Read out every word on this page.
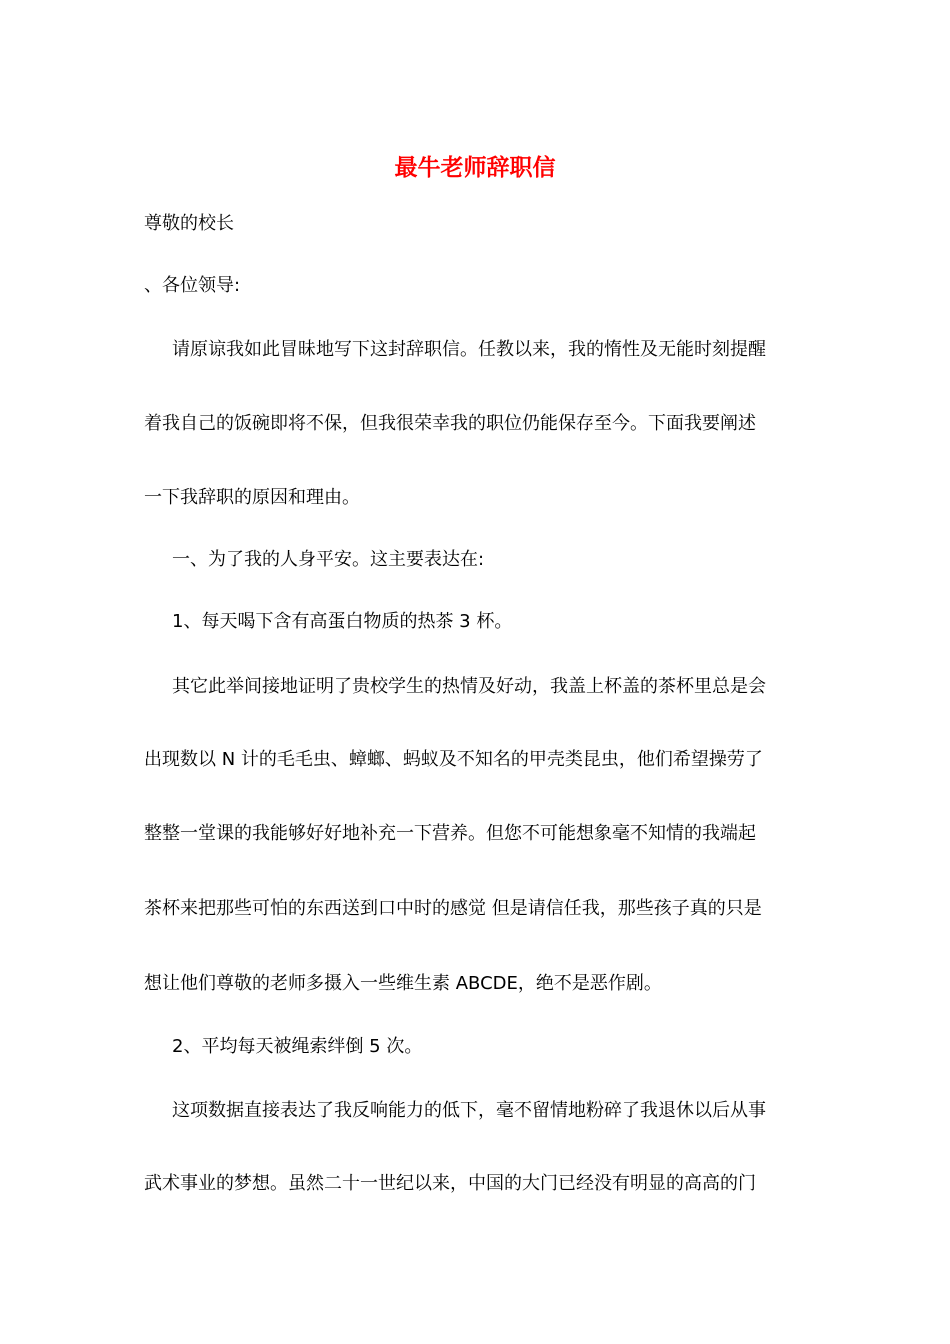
最牛老师辞职信
尊敬的校长
、各位领导:
请原谅我如此冒昧地写下这封辞职信。任教以来，我的惰性及无能时刻提醒
着我自己的饭碗即将不保，但我很荣幸我的职位仍能保存至今。下面我要阐述
一下我辞职的原因和理由。
一、为了我的人身平安。这主要表达在:
1、每天喝下含有高蛋白物质的热茶 3 杯。
其它此举间接地证明了贵校学生的热情及好动，我盖上杯盖的茶杯里总是会
出现数以 N 计的毛毛虫、蟑螂、蚂蚁及不知名的甲壳类昆虫，他们希望操劳了
整整一堂课的我能够好好地补充一下营养。但您不可能想象毫不知情的我端起
茶杯来把那些可怕的东西送到口中时的感觉 但是请信任我，那些孩子真的只是
想让他们尊敬的老师多摄入一些维生素 ABCDE，绝不是恶作剧。
2、平均每天被绳索绊倒 5 次。
这项数据直接表达了我反响能力的低下，毫不留情地粉碎了我退休以后从事
武术事业的梦想。虽然二十一世纪以来，中国的大门已经没有明显的高高的门
